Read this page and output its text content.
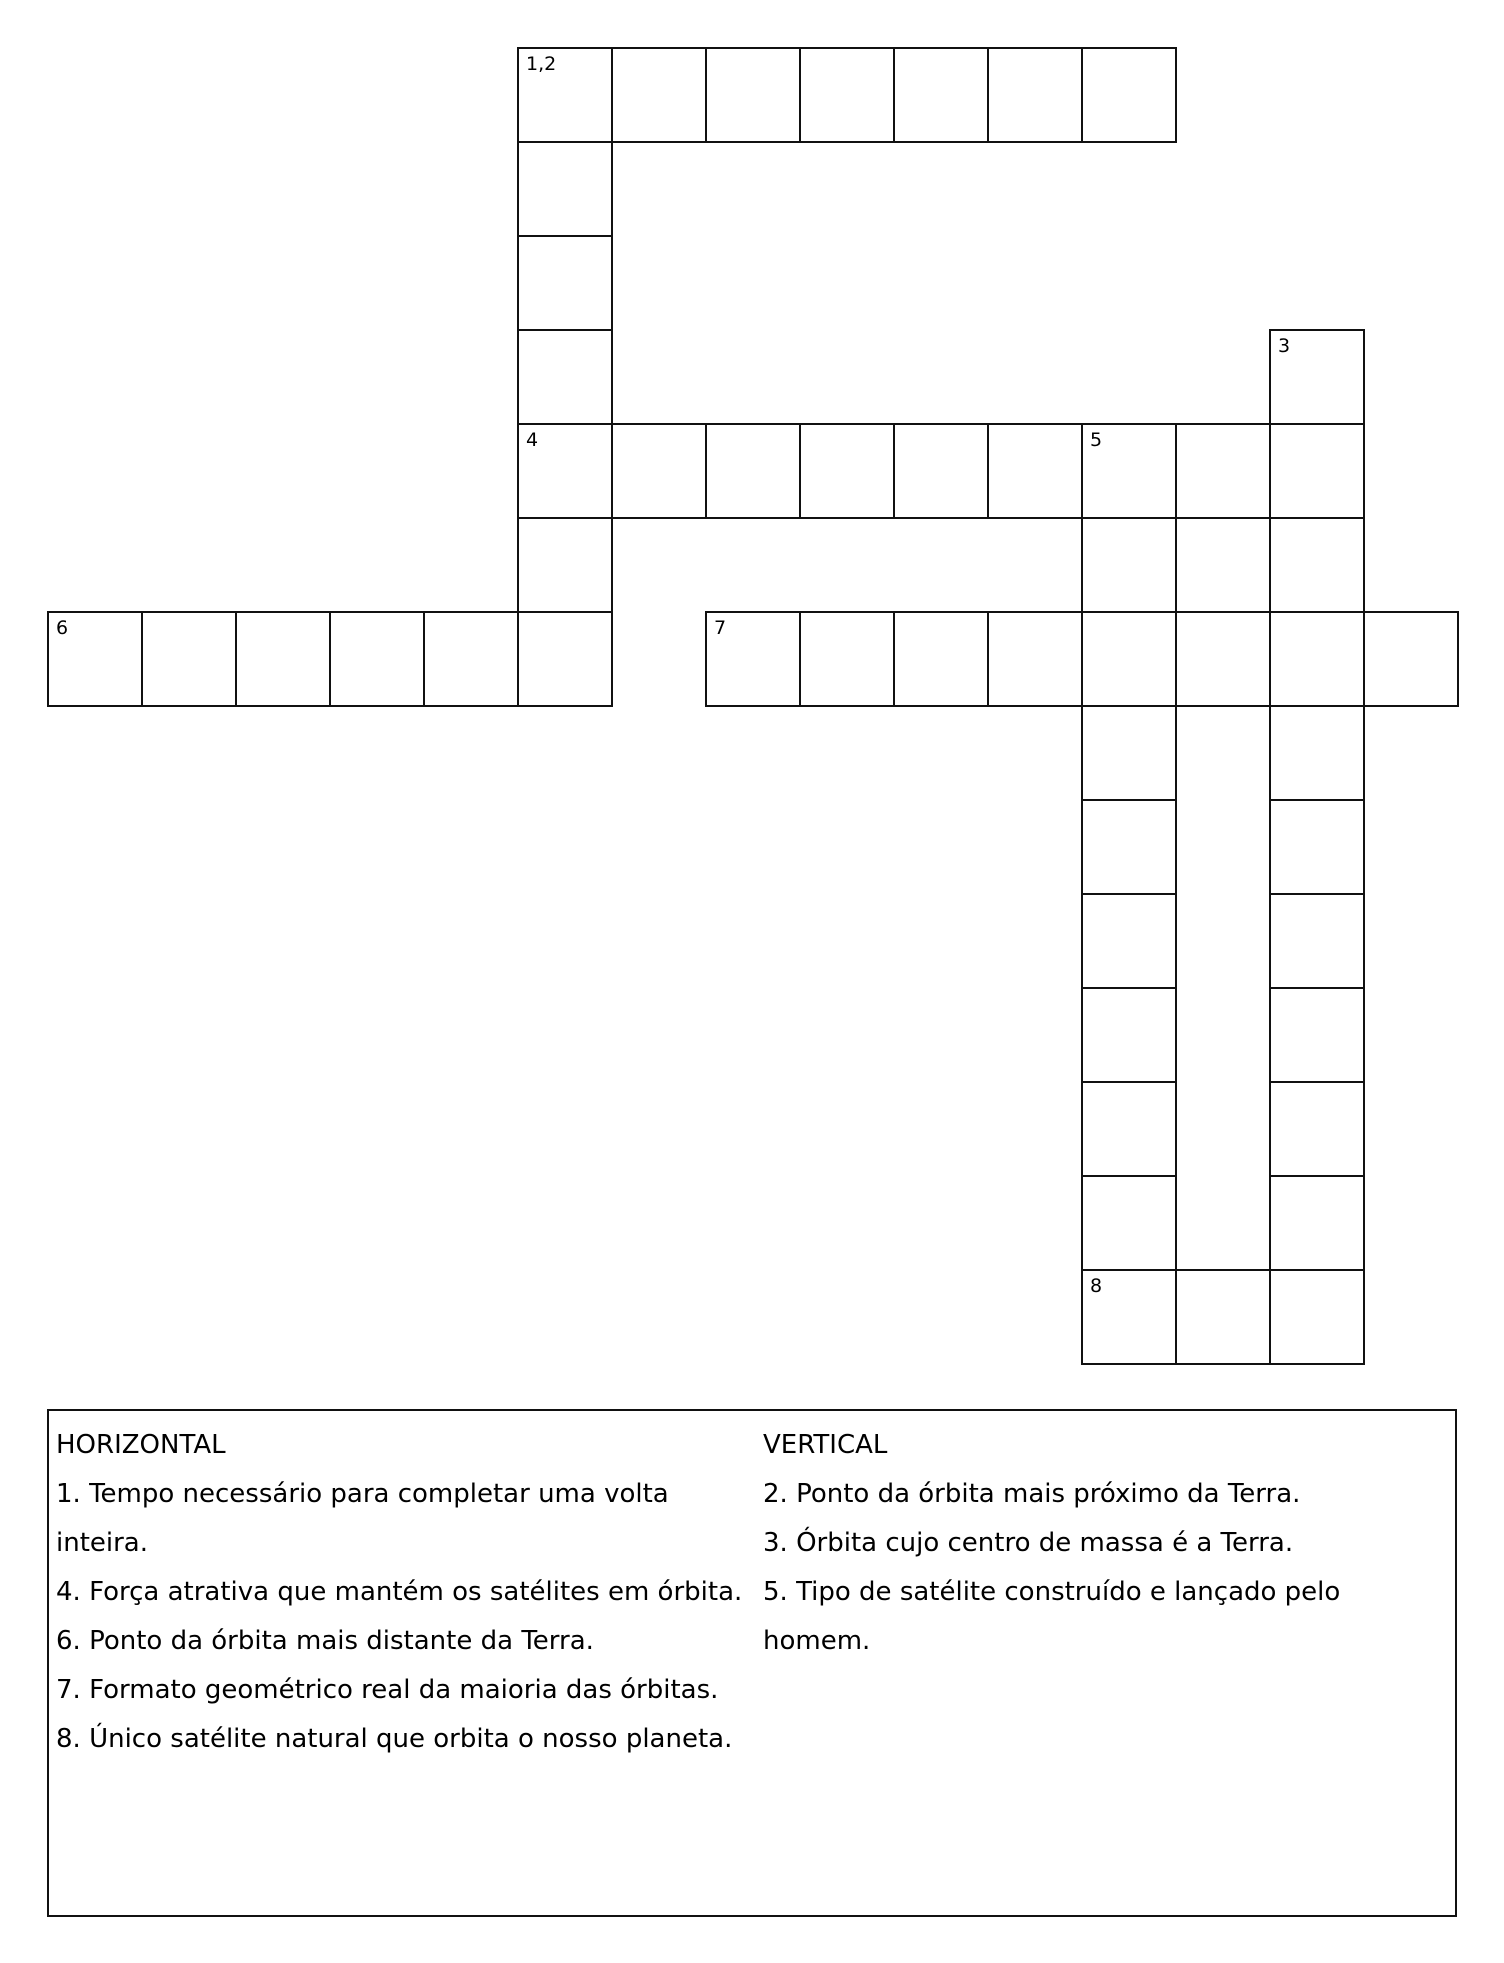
1,2
3
4	5
6	7
8
HORIZONTAL
1. Tempo necessário para completar uma volta inteira.
4. Força atrativa que mantém os satélites em órbita.
6. Ponto da órbita mais distante da Terra.
7. Formato geométrico real da maioria das órbitas.
8. Único satélite natural que orbita o nosso planeta.
VERTICAL
2. Ponto da órbita mais próximo da Terra.
3. Órbita cujo centro de massa é a Terra.
5. Tipo de satélite construído e lançado pelo homem.
